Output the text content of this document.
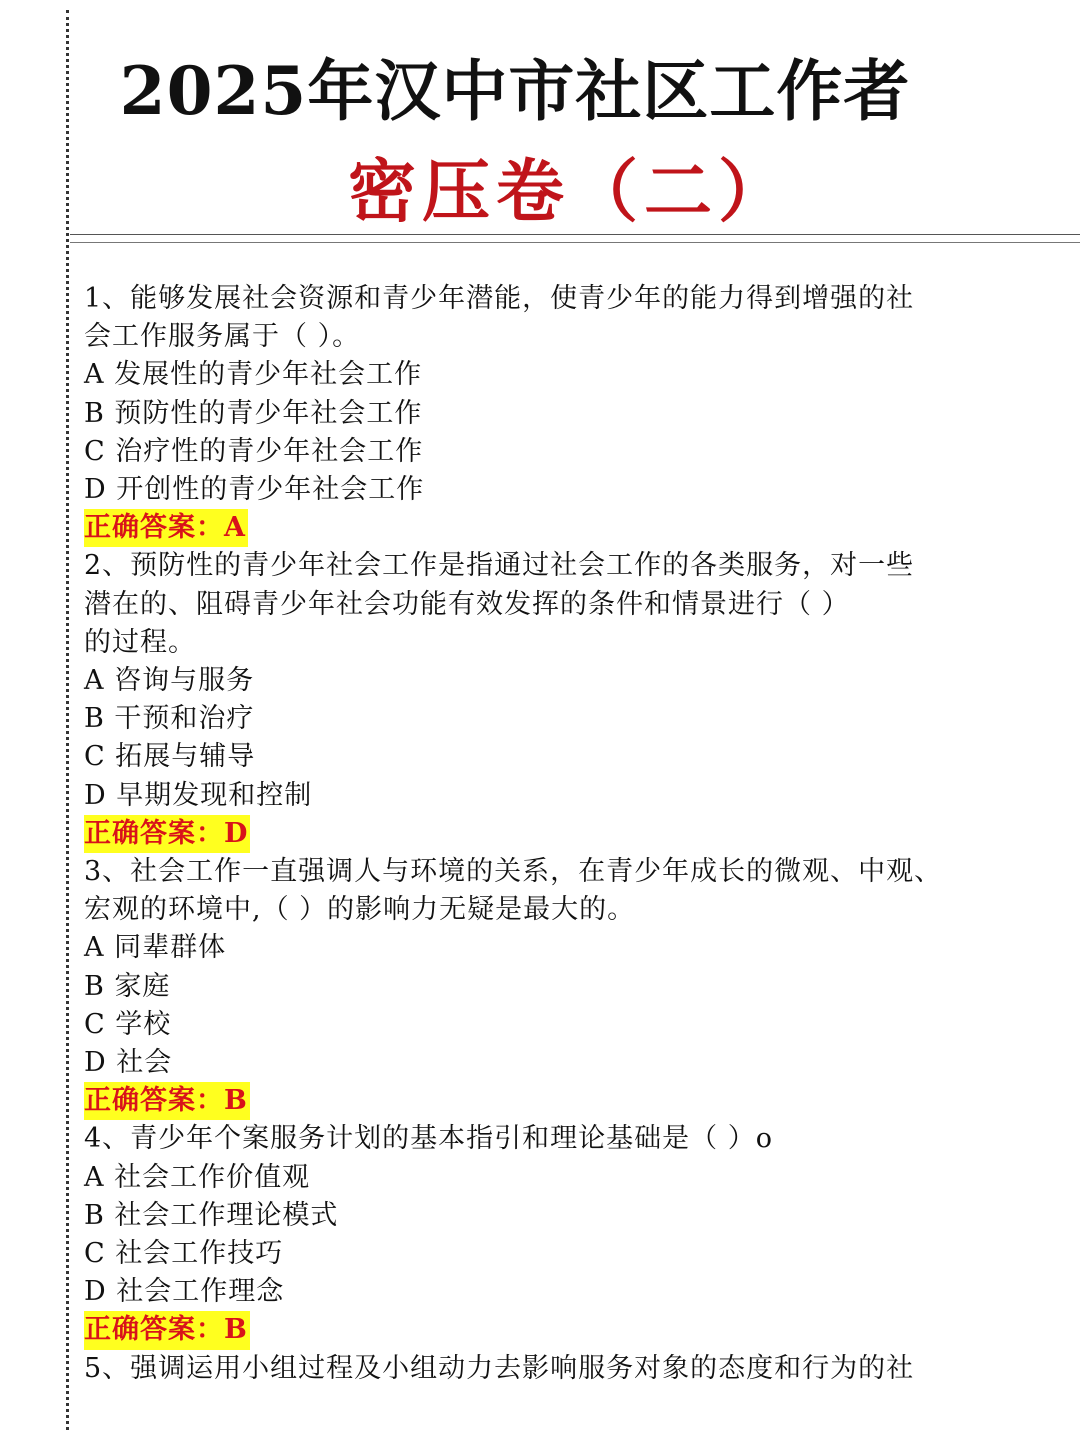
2025年汉中市社区工作者
密压卷（二）
1、能够发展社会资源和青少年潜能，使青少年的能力得到增强的社
会工作服务属于（ ）。
A 发展性的青少年社会工作
B 预防性的青少年社会工作
C 治疗性的青少年社会工作
D 开创性的青少年社会工作
正确答案：A
2、预防性的青少年社会工作是指通过社会工作的各类服务，对一些
潜在的、阻碍青少年社会功能有效发挥的条件和情景进行（ ）
的过程。
A 咨询与服务
B 干预和治疗
C 拓展与辅导
D 早期发现和控制
正确答案：D
3、社会工作一直强调人与环境的关系，在青少年成长的微观、中观、
宏观的环境中,（ ）的影响力无疑是最大的。
A 同辈群体
B 家庭
C 学校
D 社会
正确答案：B
4、青少年个案服务计划的基本指引和理论基础是（ ）o
A 社会工作价值观
B 社会工作理论模式
C 社会工作技巧
D 社会工作理念
正确答案：B
5、强调运用小组过程及小组动力去影响服务对象的态度和行为的社
